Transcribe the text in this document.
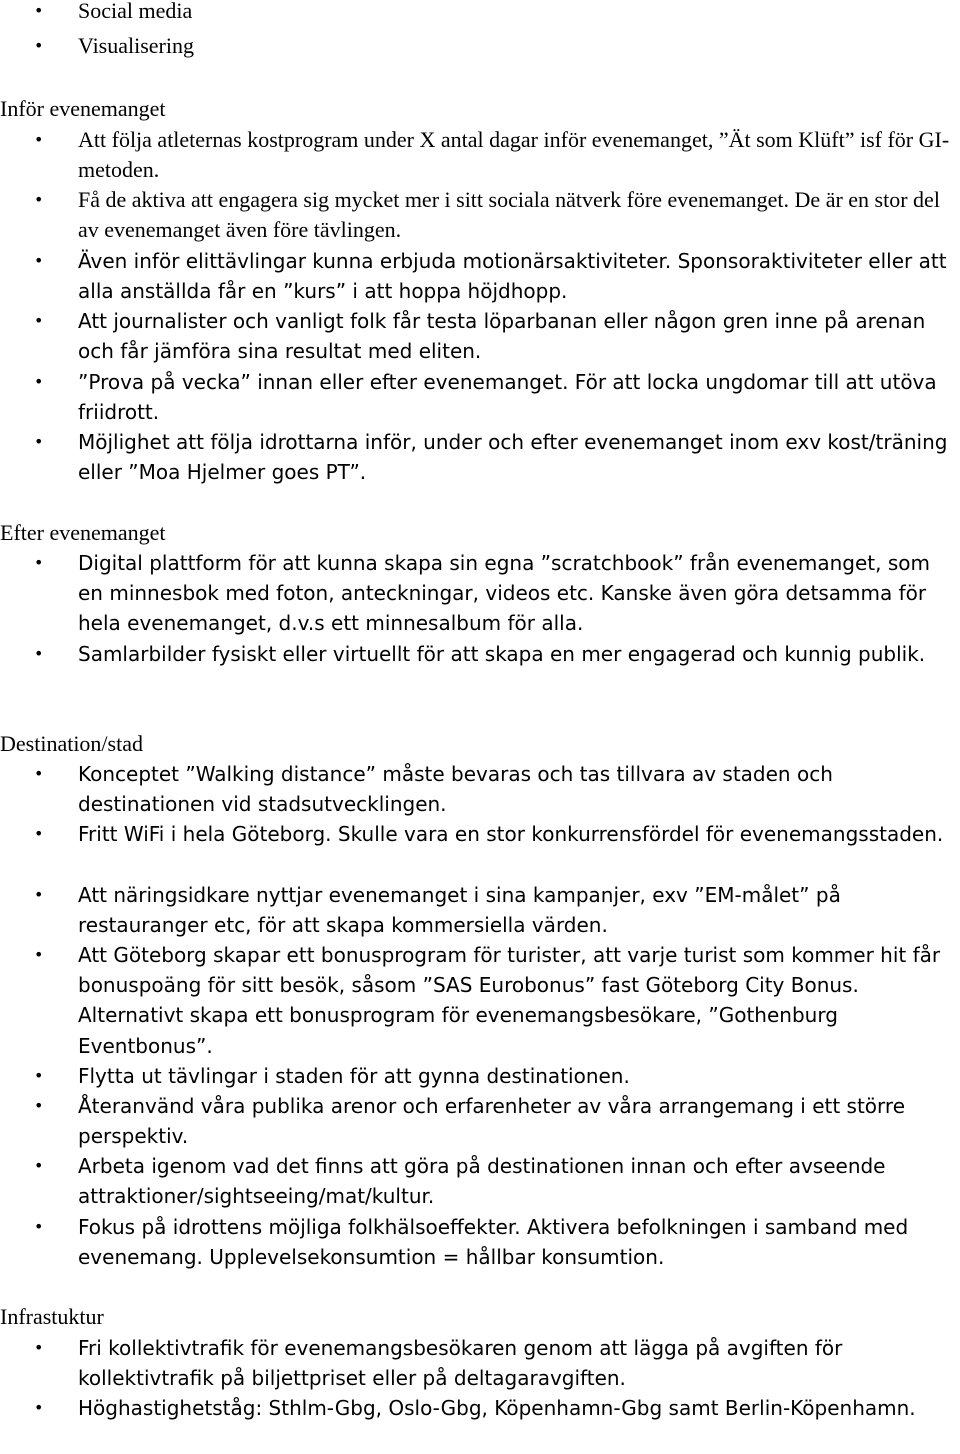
• Social media
• Visualisering
Inför evenemanget
• Att följa atleternas kostprogram under X antal dagar inför evenemanget, ”Ät som Klüft” isf för GI-metoden.
• Få de aktiva att engagera sig mycket mer i sitt sociala nätverk före evenemanget. De är en stor del av evenemanget även före tävlingen.
• Även inför elittävlingar kunna erbjuda motionärsaktiviteter. Sponsoraktiviteter eller att alla anställda får en ”kurs” i att hoppa höjdhopp.
• Att journalister och vanligt folk får testa löparbanan eller någon gren inne på arenan och får jämföra sina resultat med eliten.
• ”Prova på vecka” innan eller efter evenemanget. För att locka ungdomar till att utöva friidrott.
• Möjlighet att följa idrottarna inför, under och efter evenemanget inom exv kost/träning eller ”Moa Hjelmer goes PT”.
Efter evenemanget
• Digital plattform för att kunna skapa sin egna ”scratchbook” från evenemanget, som en minnesbok med foton, anteckningar, videos etc. Kanske även göra detsamma för hela evenemanget, d.v.s ett minnesalbum för alla.
• Samlarbilder fysiskt eller virtuellt för att skapa en mer engagerad och kunnig publik.
Destination/stad
• Konceptet ”Walking distance” måste bevaras och tas tillvara av staden och destinationen vid stadsutvecklingen.
• Fritt WiFi i hela Göteborg. Skulle vara en stor konkurrensfördel för evenemangsstaden.
• Att näringsidkare nyttjar evenemanget i sina kampanjer, exv ”EM-målet” på restauranger etc, för att skapa kommersiella värden.
• Att Göteborg skapar ett bonusprogram för turister, att varje turist som kommer hit får bonuspoäng för sitt besök, såsom ”SAS Eurobonus” fast Göteborg City Bonus. Alternativt skapa ett bonusprogram för evenemangsbesökare, ”Gothenburg Eventbonus”.
• Flytta ut tävlingar i staden för att gynna destinationen.
• Återanvänd våra publika arenor och erfarenheter av våra arrangemang i ett större perspektiv.
• Arbeta igenom vad det finns att göra på destinationen innan och efter avseende attraktioner/sightseeing/mat/kultur.
• Fokus på idrottens möjliga folkhälsoeffekter. Aktivera befolkningen i samband med evenemang. Upplevelsekonsumtion = hållbar konsumtion.
Infrastuktur
• Fri kollektivtrafik för evenemangsbesökaren genom att lägga på avgiften för kollektivtrafik på biljettpriset eller på deltagaravgiften.
• Höghastighetståg: Sthlm-Gbg, Oslo-Gbg, Köpenhamn-Gbg samt Berlin-Köpenhamn.
